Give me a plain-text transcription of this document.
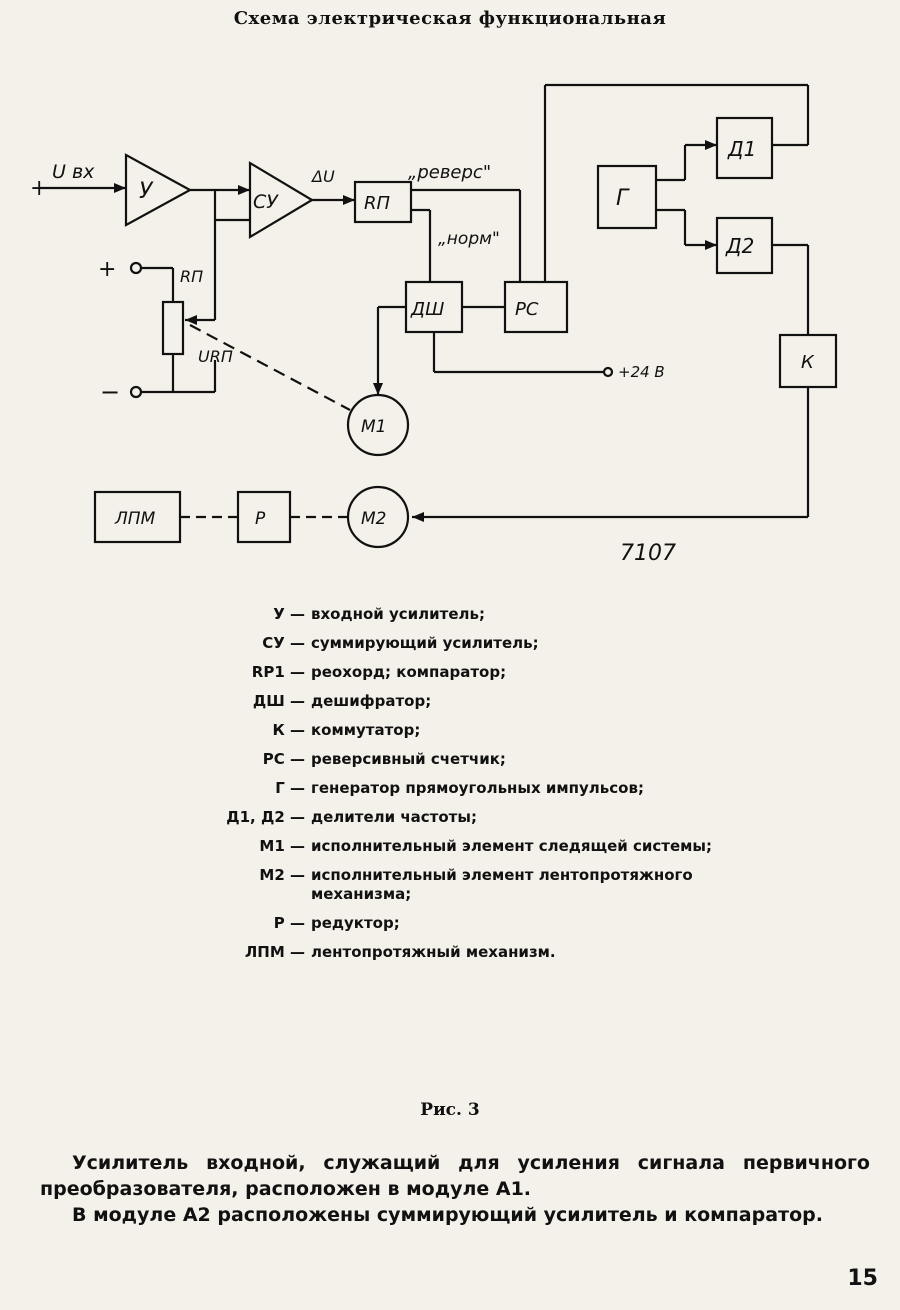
Схема электрическая функциональная
У	СУ	RП
ДШ	РС
Г
Д1
Д2
К
М1
М2
Р
ЛПМ
U вх
+
+
−
ΔU	„реверс"
„норм"
RП
URП
+24 В
7107
У — входной усилитель;
СУ — суммирующий усилитель;
RP1 — реохорд; компаратор;
ДШ — дешифратор;
К — коммутатор;
РС — реверсивный счетчик;
Г — генератор прямоугольных импульсов;
Д1, Д2 — делители частоты;
М1 — исполнительный элемент следящей системы;
М2 — исполнительный элемент лентопротяжного механизма;
Р — редуктор;
ЛПМ — лентопротяжный механизм.
Рис. 3

Усилитель входной, служащий для усиления сигнала первичного преобразователя, расположен в модуле А1.

В модуле А2 расположены суммирующий усилитель и компаратор.

15
